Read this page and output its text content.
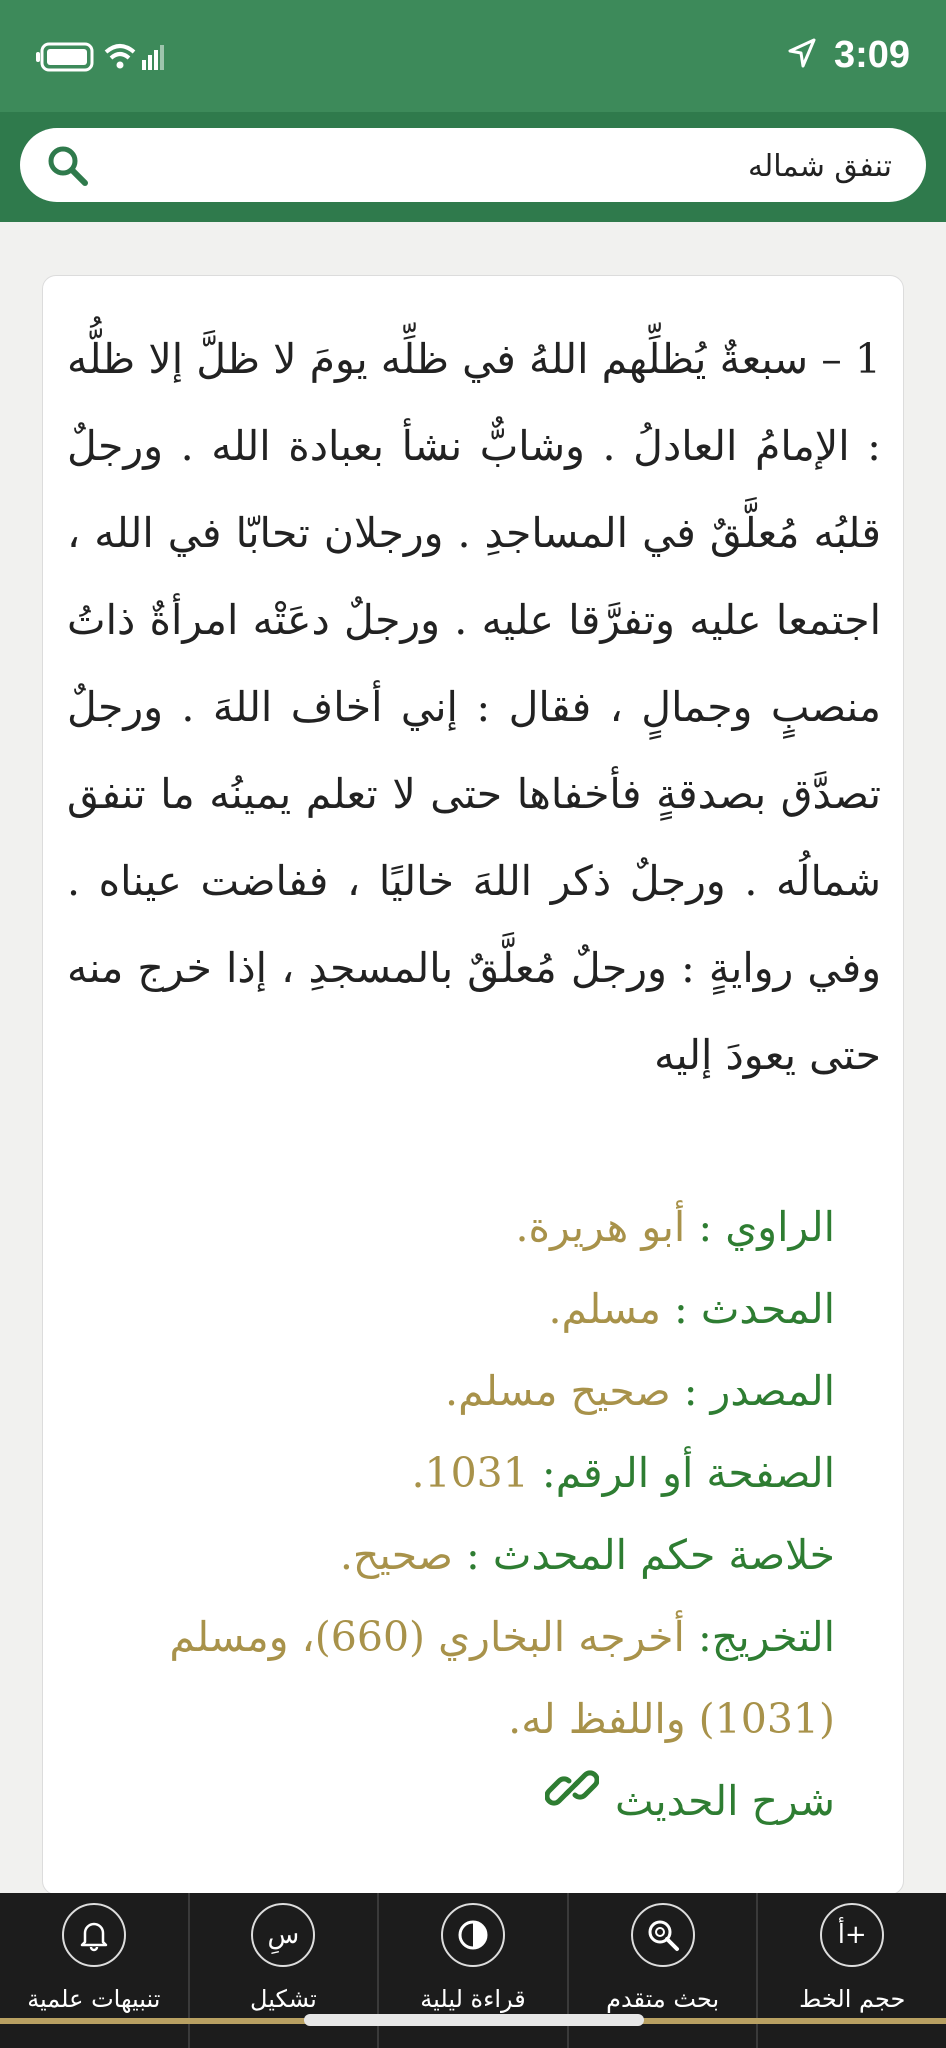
3:09
تنفق شماله
1 – سبعةٌ يُظلِّهم اللهُ في ظلِّه يومَ لا ظلَّ إلا ظلُّه : الإمامُ العادلُ . وشابٌّ نشأ بعبادة الله . ورجلٌ قلبُه مُعلَّقٌ في المساجدِ . ورجلان تحابّا في الله ، اجتمعا عليه وتفرَّقا عليه . ورجلٌ دعَتْه امرأةٌ ذاتُ منصبٍ وجمالٍ ، فقال : إني أخاف اللهَ . ورجلٌ تصدَّق بصدقةٍ فأخفاها حتى لا تعلم يمينُه ما تنفق شمالُه . ورجلٌ ذكر اللهَ خاليًا ، ففاضت عيناه . وفي روايةٍ : ورجلٌ مُعلَّقٌ بالمسجدِ ، إذا خرج منه حتى يعودَ إليه
الراوي : أبو هريرة.
المحدث : مسلم.
المصدر : صحيح مسلم.
الصفحة أو الرقم: 1031.
خلاصة حكم المحدث : صحيح.
التخريج: أخرجه البخاري (660)، ومسلم (1031) واللفظ له.
شرح الحديث
أ+
حجم الخط
بحث متقدم
قراءة ليلية
سِ
تشكيل
تنبيهات علمية
